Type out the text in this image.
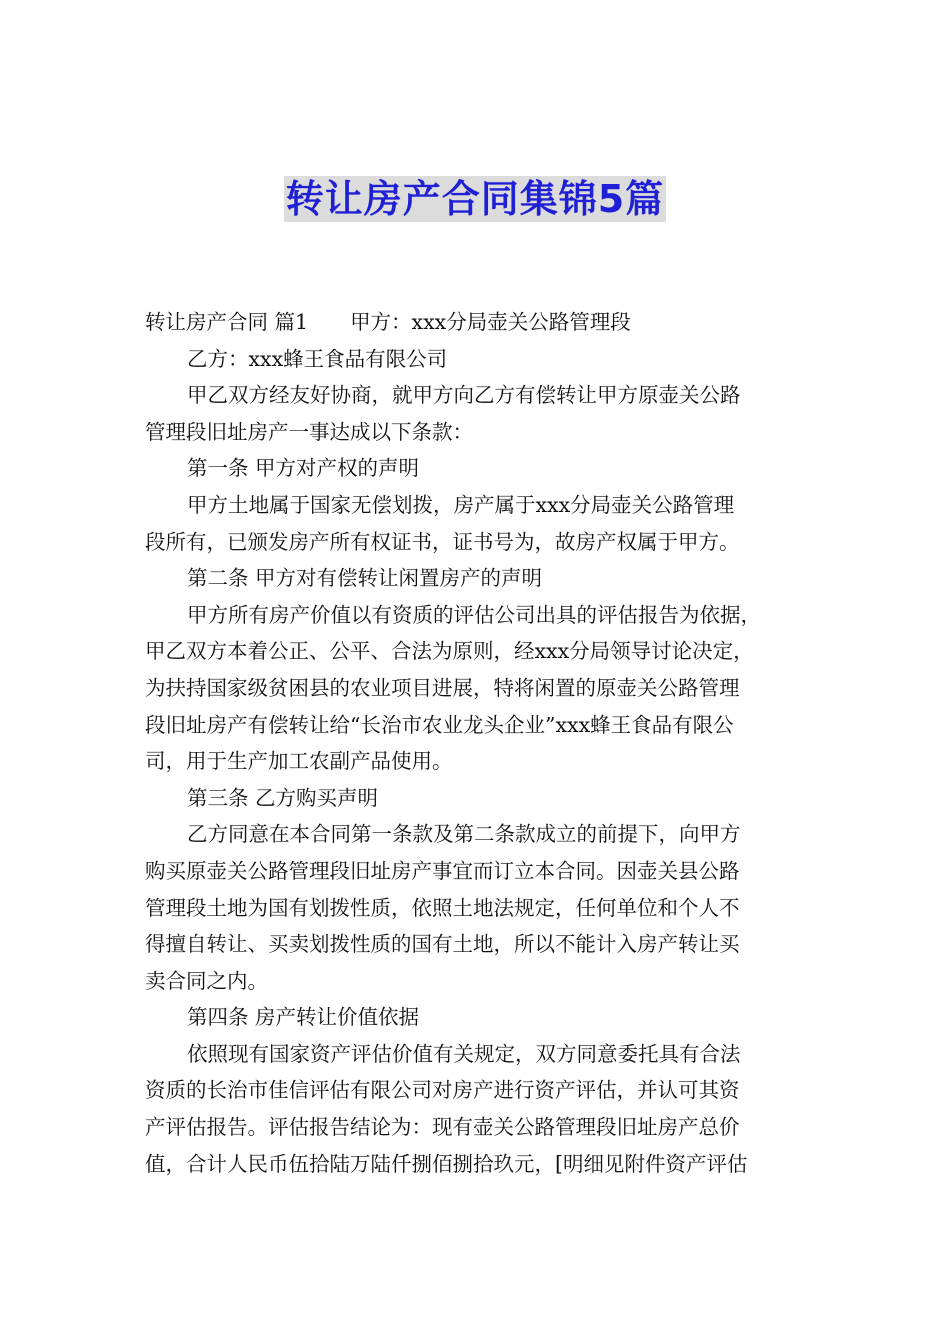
转让房产合同集锦5篇

转让房产合同 篇1 甲方：xxx分局壶关公路管理段

乙方：xxx蜂王食品有限公司

甲乙双方经友好协商，就甲方向乙方有偿转让甲方原壶关公路

管理段旧址房产一事达成以下条款：

第一条 甲方对产权的声明

甲方土地属于国家无偿划拨，房产属于xxx分局壶关公路管理

段所有，已颁发房产所有权证书，证书号为，故房产权属于甲方。

第二条 甲方对有偿转让闲置房产的声明

甲方所有房产价值以有资质的评估公司出具的评估报告为依据，

甲乙双方本着公正、公平、合法为原则，经xxx分局领导讨论决定，

为扶持国家级贫困县的农业项目进展，特将闲置的原壶关公路管理

段旧址房产有偿转让给“长治市农业龙头企业”xxx蜂王食品有限公

司，用于生产加工农副产品使用。

第三条 乙方购买声明

乙方同意在本合同第一条款及第二条款成立的前提下，向甲方

购买原壶关公路管理段旧址房产事宜而订立本合同。因壶关县公路

管理段土地为国有划拨性质，依照土地法规定，任何单位和个人不

得擅自转让、买卖划拨性质的国有土地，所以不能计入房产转让买

卖合同之内。

第四条 房产转让价值依据

依照现有国家资产评估价值有关规定，双方同意委托具有合法

资质的长治市佳信评估有限公司对房产进行资产评估，并认可其资

产评估报告。评估报告结论为：现有壶关公路管理段旧址房产总价

值，合计人民币伍拾陆万陆仟捌佰捌拾玖元，[明细见附件资产评估
